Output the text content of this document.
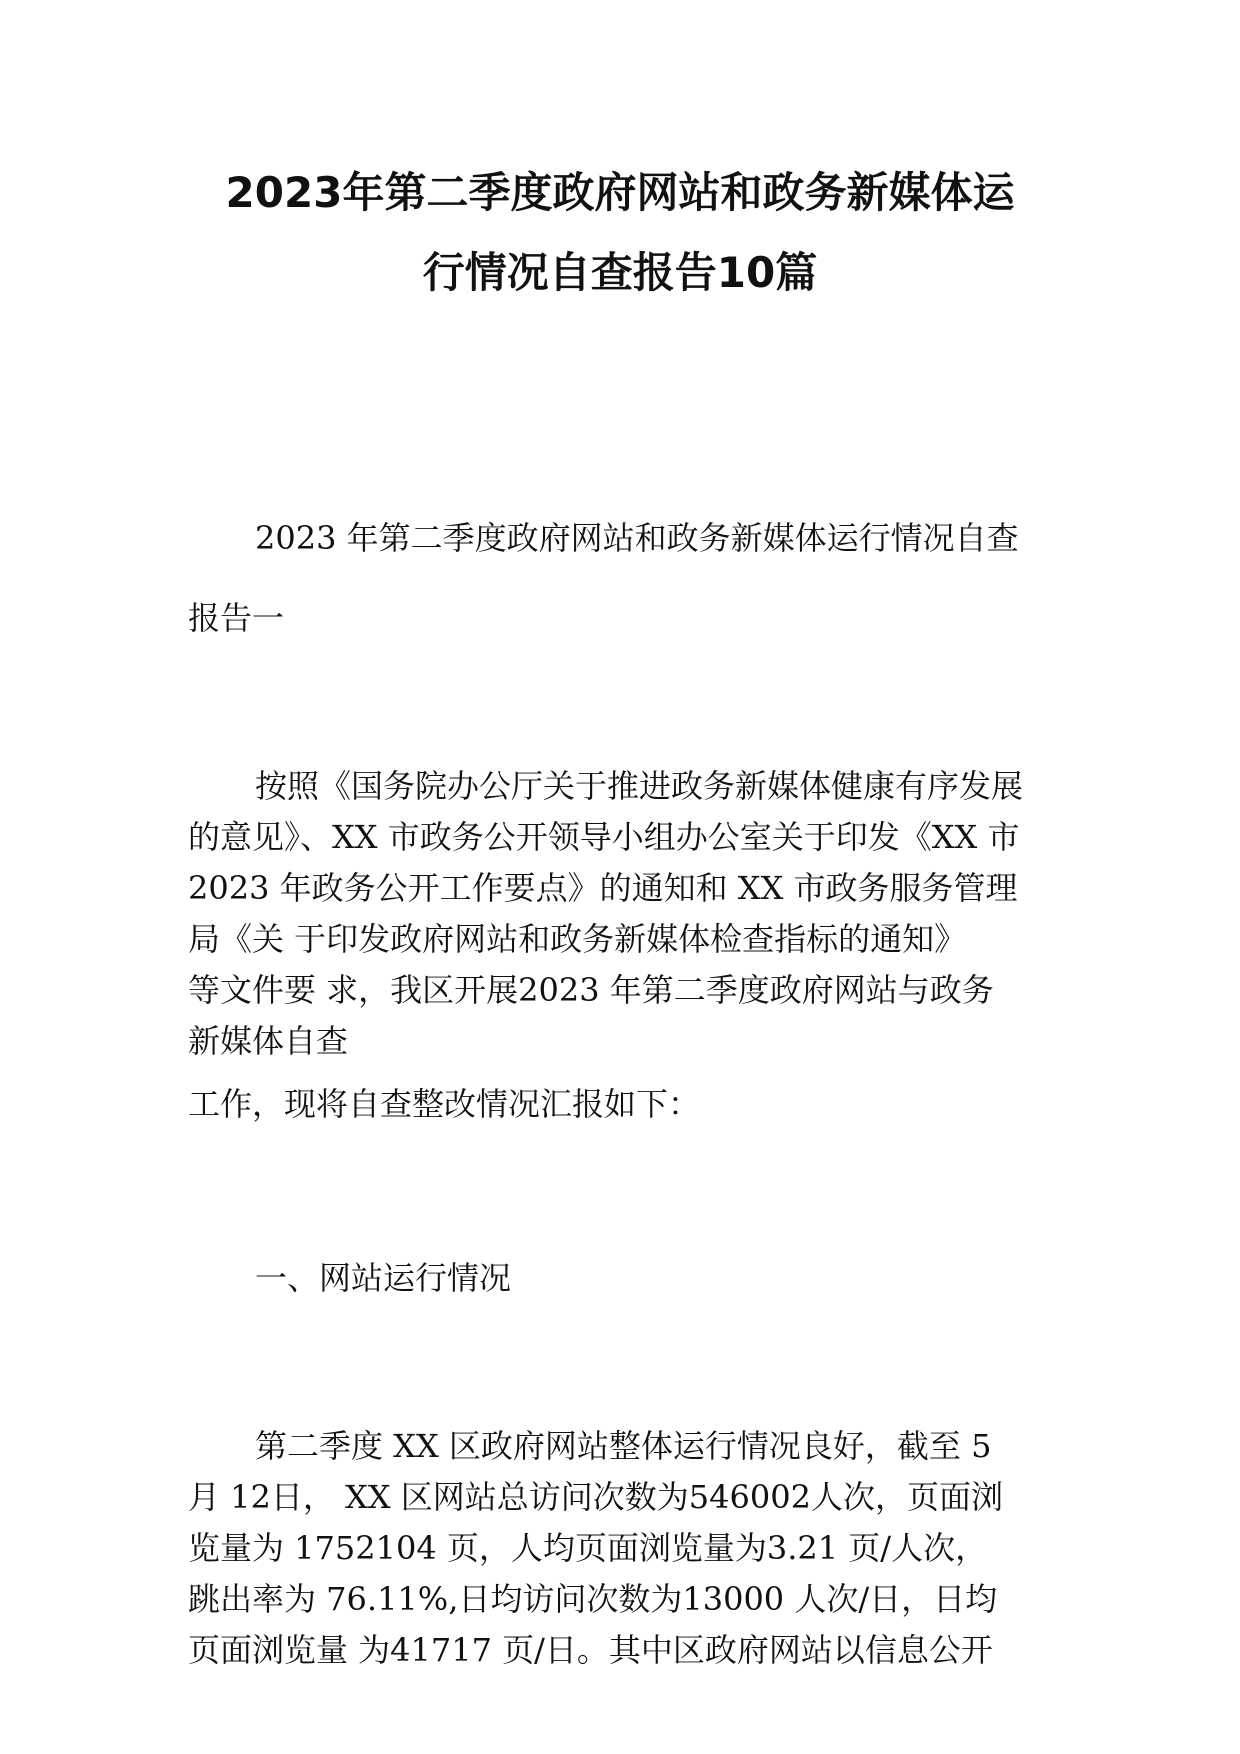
2023年第二季度政府网站和政务新媒体运
行情况自查报告10篇
2023 年第二季度政府网站和政务新媒体运行情况自查
报告一
按照《国务院办公厅关于推进政务新媒体健康有序发展
的意见》、XX 市政务公开领导小组办公室关于印发《XX 市
2023 年政务公开工作要点》的通知和 XX 市政务服务管理
局《关 于印发政府网站和政务新媒体检查指标的通知》
等文件要 求，我区开展2023 年第二季度政府网站与政务
新媒体自查
工作，现将自查整改情况汇报如下：
一、网站运行情况
第二季度 XX 区政府网站整体运行情况良好，截至 5
月 12日， XX 区网站总访问次数为546002人次，页面浏
览量为 1752104 页，人均页面浏览量为3.21 页/人次，
跳出率为 76.11%,日均访问次数为13000 人次/日，日均
页面浏览量 为41717 页/日。其中区政府网站以信息公开
